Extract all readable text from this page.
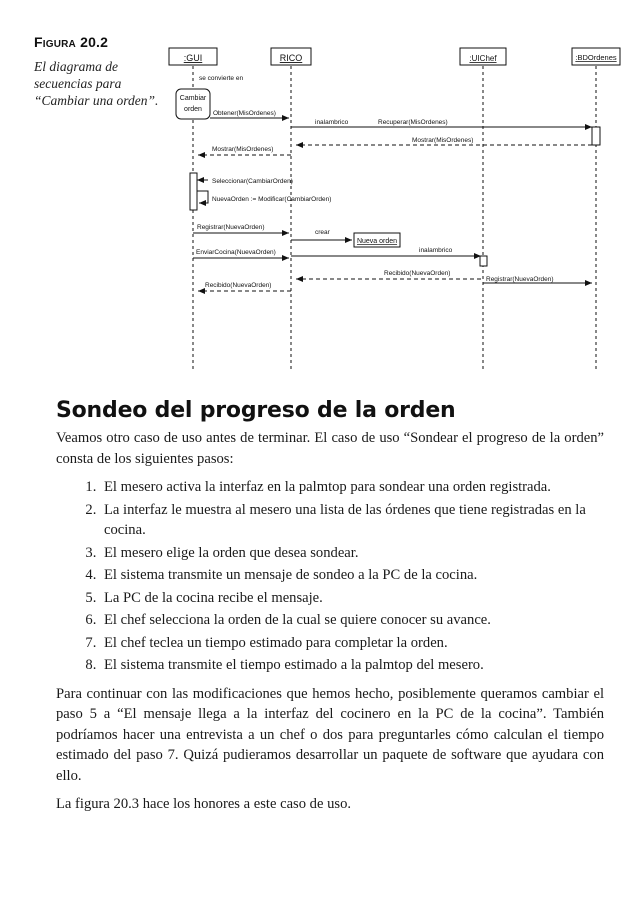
Figura 20.2
El diagrama de secuencias para “Cambiar una orden”.
:GUI	RICO	:UIChef	:BDOrdenes
se convierte en
Cambiar
orden
Obtener(MisOrdenes)
inalambrico	Recuperar(MisOrdenes)
Mostrar(MisOrdenes)
Mostrar(MisOrdenes)
Seleccionar(CambiarOrden)
NuevaOrden := Modificar(CambiarOrden)
Registrar(NuevaOrden)
crear
Nueva orden
inalambrico
EnviarCocina(NuevaOrden)
Recibido(NuevaOrden)
Registrar(NuevaOrden)
Recibido(NuevaOrden)
Sondeo del progreso de la orden

Veamos otro caso de uso antes de terminar. El caso de uso “Sondear el progreso de la orden” consta de los siguientes pasos:

1. El mesero activa la interfaz en la palmtop para sondear una orden registrada.
2. La interfaz le muestra al mesero una lista de las órdenes que tiene registradas en la cocina.
3. El mesero elige la orden que desea sondear.
4. El sistema transmite un mensaje de sondeo a la PC de la cocina.
5. La PC de la cocina recibe el mensaje.
6. El chef selecciona la orden de la cual se quiere conocer su avance.
7. El chef teclea un tiempo estimado para completar la orden.
8. El sistema transmite el tiempo estimado a la palmtop del mesero.

Para continuar con las modificaciones que hemos hecho, posiblemente queramos cambiar el paso 5 a “El mensaje llega a la interfaz del cocinero en la PC de la cocina”. También podríamos hacer una entrevista a un chef o dos para preguntarles cómo calculan el tiempo estimado del paso 7. Quizá pudieramos desarrollar un paquete de software que ayudara con ello.

La figura 20.3 hace los honores a este caso de uso.
